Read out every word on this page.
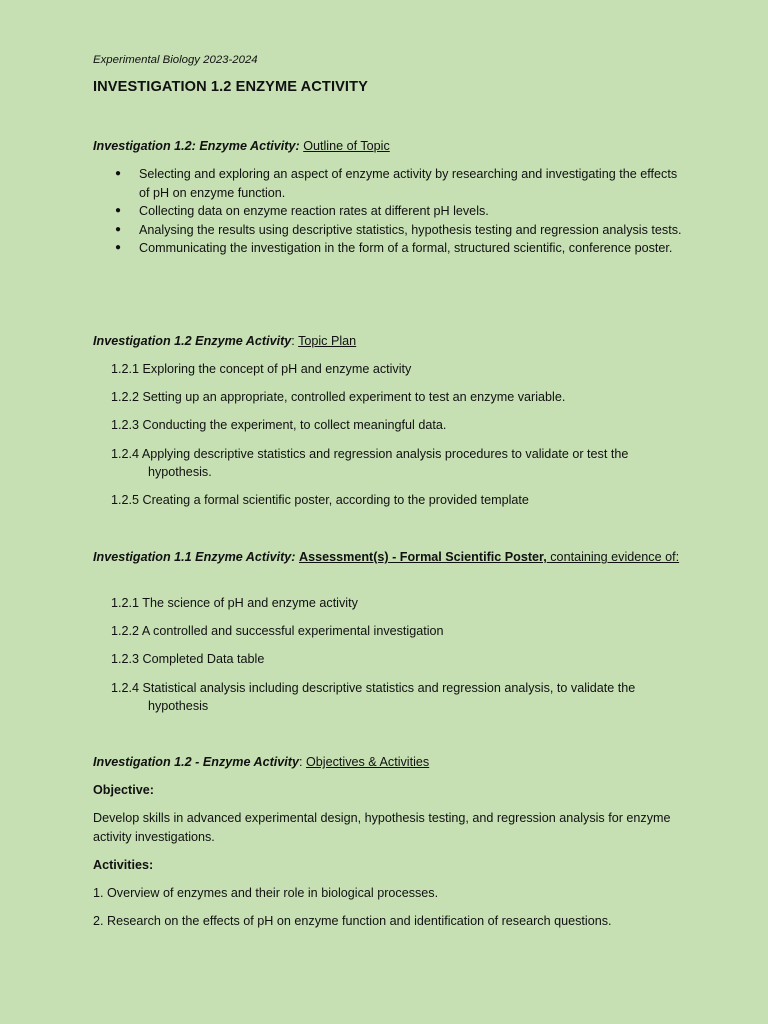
Experimental Biology 2023-2024
INVESTIGATION 1.2 ENZYME ACTIVITY
Investigation 1.2: Enzyme Activity: Outline of Topic
● Selecting and exploring an aspect of enzyme activity by researching and investigating the effects of pH on enzyme function.
● Collecting data on enzyme reaction rates at different pH levels.
● Analysing the results using descriptive statistics, hypothesis testing and regression analysis tests.
● Communicating the investigation in the form of a formal, structured scientific, conference poster.
Investigation 1.2 Enzyme Activity: Topic Plan
1.2.1 Exploring the concept of pH and enzyme activity
1.2.2 Setting up an appropriate, controlled experiment to test an enzyme variable.
1.2.3 Conducting the experiment, to collect meaningful data.
1.2.4 Applying descriptive statistics and regression analysis procedures to validate or test the hypothesis.
1.2.5 Creating a formal scientific poster, according to the provided template
Investigation 1.1 Enzyme Activity: Assessment(s) - Formal Scientific Poster, containing evidence of:
1.2.1 The science of pH and enzyme activity
1.2.2 A controlled and successful experimental investigation
1.2.3 Completed Data table
1.2.4 Statistical analysis including descriptive statistics and regression analysis, to validate the hypothesis
Investigation 1.2 - Enzyme Activity: Objectives & Activities
Objective:
Develop skills in advanced experimental design, hypothesis testing, and regression analysis for enzyme activity investigations.
Activities:
1. Overview of enzymes and their role in biological processes.
2. Research on the effects of pH on enzyme function and identification of research questions.
